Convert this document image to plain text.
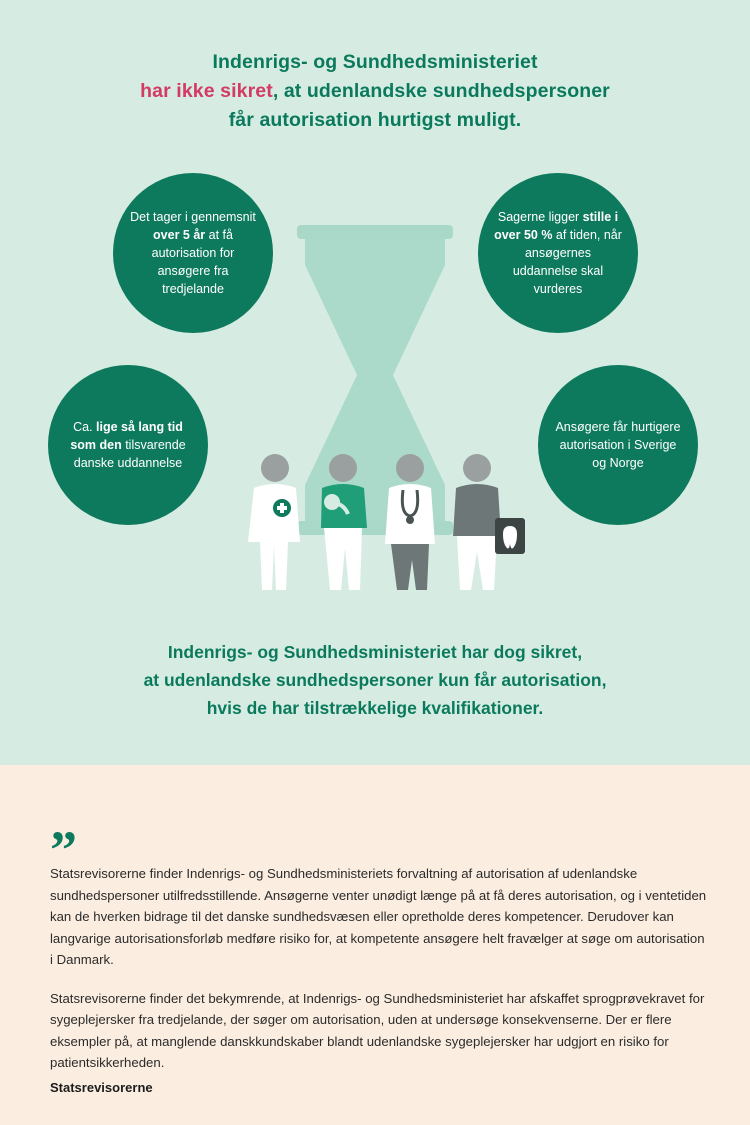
Indenrigs- og Sundhedsministeriet
har ikke sikret, at udenlandske sundhedspersoner
får autorisation hurtigst muligt.
Det tager i gennemsnit over 5 år at få autorisation for ansøgere fra tredjelande
Sagerne ligger stille i over 50 % af tiden, når ansøgernes uddannelse skal vurderes
Ca. lige så lang tid som den tilsvarende danske uddannelse
Ansøgere får hurtigere autorisation i Sverige og Norge
Indenrigs- og Sundhedsministeriet har dog sikret,
at udenlandske sundhedspersoner kun får autorisation,
hvis de har tilstrækkelige kvalifikationer.
”

Statsrevisorerne finder Indenrigs- og Sundhedsministeriets forvaltning af autorisation af udenlandske sundhedspersoner utilfredsstillende. Ansøgerne venter unødigt længe på at få deres autorisation, og i ventetiden kan de hverken bidrage til det danske sundhedsvæsen eller opretholde deres kompetencer. Derudover kan langvarige autorisationsforløb medføre risiko for, at kompetente ansøgere helt fravælger at søge om autorisation i Danmark.

Statsrevisorerne finder det bekymrende, at Indenrigs- og Sundhedsministeriet har afskaffet sprogprøvekravet for sygeplejersker fra tredjelande, der søger om autorisation, uden at undersøge konsekvenserne. Der er flere eksempler på, at manglende danskkundskaber blandt udenlandske sygeplejersker har udgjort en risiko for patientsikkerheden.

Statsrevisorerne
